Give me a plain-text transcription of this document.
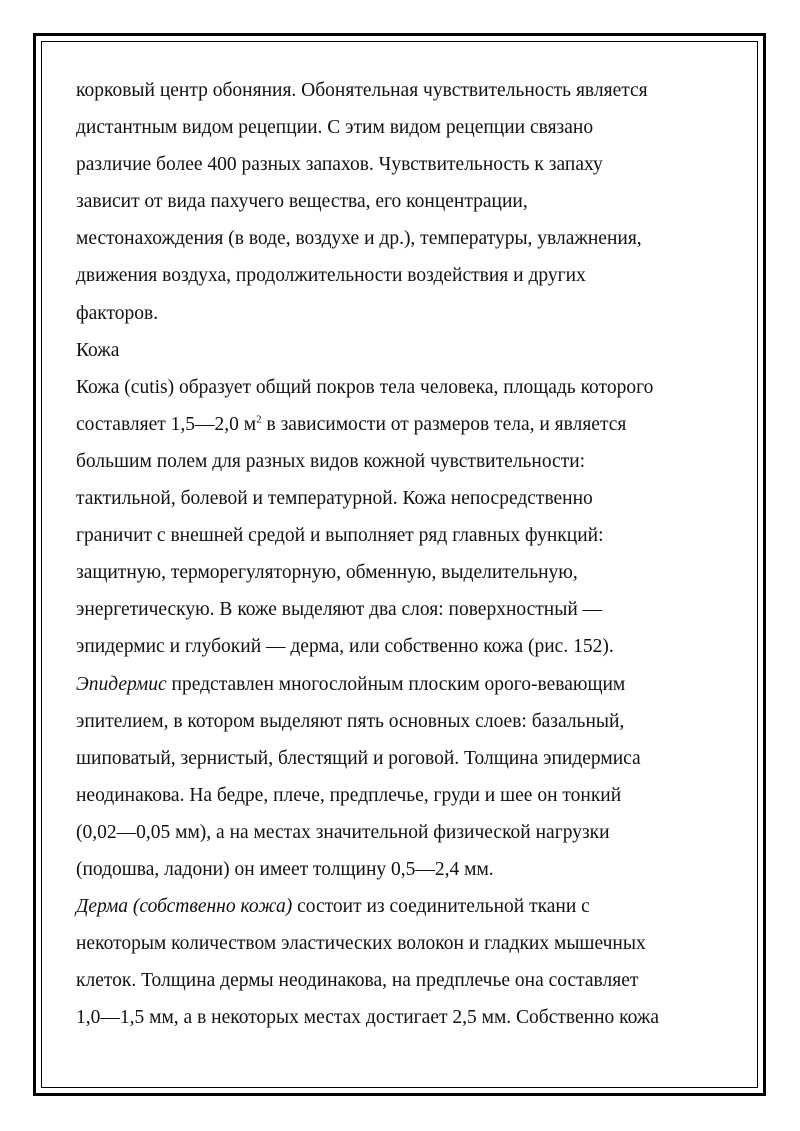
корковый центр обоняния. Обонятельная чувствительность является
дистантным видом рецепции. С этим видом рецепции связано
различие более 400 разных запахов. Чувствительность к запаху
зависит от вида пахучего вещества, его концентрации,
местонахождения (в воде, воздухе и др.), температуры, увлажнения,
движения воздуха, продолжительности воздействия и других
факторов.
Кожа
Кожа (cutis) образует общий покров тела человека, площадь которого
составляет 1,5—2,0 $м^2$ в зависимости от размеров тела, и является
большим полем для разных видов кожной чувствительности:
тактильной, болевой и температурной. Кожа непосредственно
граничит с внешней средой и выполняет ряд главных функций:
защитную, терморегуляторную, обменную, выделительную,
энергетическую. В коже выделяют два слоя: поверхностный —
эпидермис и глубокий — дерма, или собственно кожа (рис. 152).
Эпидермис представлен многослойным плоским орого-вевающим
эпителием, в котором выделяют пять основных слоев: базальный,
шиповатый, зернистый, блестящий и роговой. Толщина эпидермиса
неодинакова. На бедре, плече, предплечье, груди и шее он тонкий
(0,02—0,05 мм), а на местах значительной физической нагрузки
(подошва, ладони) он имеет толщину 0,5—2,4 мм.
Дерма (собственно кожа) состоит из соединительной ткани с
некоторым количеством эластических волокон и гладких мышечных
клеток. Толщина дермы неодинакова, на предплечье она составляет
1,0—1,5 мм, а в некоторых местах достигает 2,5 мм. Собственно кожа
